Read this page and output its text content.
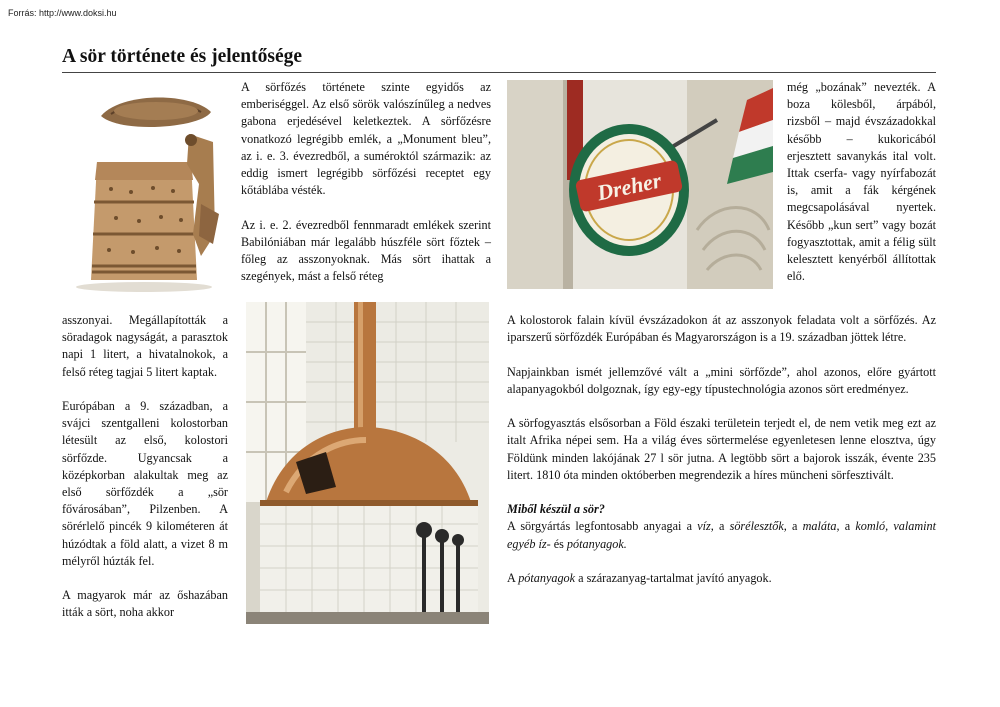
Forrás: http://www.doksi.hu
A sör története és jelentősége
Dreher

A sörfőzés története szinte egyidős az emberiséggel. Az első sörök valószínűleg a nedves gabona erjedésével keletkeztek. A sörfőzésre vonatkozó legrégibb emlék, a „Monument bleu”, az i. e. 3. évezredből, a suméroktól származik: az eddig ismert legrégibb sörfőzési receptet egy kőtáblába vésték.

Az i. e. 2. évezredből fennmaradt emlékek szerint Babilóniában már legalább húszféle sört főztek – főleg az asszonyoknak. Más sört ihattak a szegények, mást a felső réteg

még „bozának” nevezték. A boza kölesből, árpából, rizsből – majd évszázadokkal később – kukoricából erjesztett savanykás ital volt. Ittak cserfa- vagy nyírfabozát is, amit a fák kérgének megcsapolásával nyertek. Később „kun sert” vagy bozát fogyasztottak, amit a félig sült kelesztett kenyérből állítottak elő.

asszonyai. Megállapították a söradagok nagyságát, a parasztok napi 1 litert, a hivatalnokok, a felső réteg tagjai 5 litert kaptak.

Európában a 9. században, a svájci szentgalleni kolostorban létesült az első, kolostori sörfőzde. Ugyancsak a középkorban alakultak meg az első sörfőzdék a „sör fővárosában”, Pilzenben. A sörérlelő pincék 9 kilométeren át húzódtak a föld alatt, a vizet 8 m mélyről húzták fel.

A magyarok már az őshazában itták a sört, noha akkor

A kolostorok falain kívül évszázadokon át az asszonyok feladata volt a sörfőzés. Az iparszerű sörfőzdék Európában és Magyarországon is a 19. században jöttek létre.

Napjainkban ismét jellemzővé vált a „mini sörfőzde”, ahol azonos, előre gyártott alapanyagokból dolgoznak, így egy-egy típustechnológia azonos sört eredményez.

A sörfogyasztás elsősorban a Föld északi területein terjedt el, de nem vetik meg ezt az italt Afrika népei sem. Ha a világ éves sörtermelése egyenletesen lenne elosztva, úgy Földünk minden lakójának 27 l sör jutna. A legtöbb sört a bajorok isszák, évente 235 litert. 1810 óta minden októberben megrendezik a híres müncheni sörfesztivált.

Miből készül a sör?

A sörgyártás legfontosabb anyagai a víz, a sörélesztők, a maláta, a komló, valamint egyéb íz- és pótanyagok.

A pótanyagok a szárazanyag-tartalmat javító anyagok.
